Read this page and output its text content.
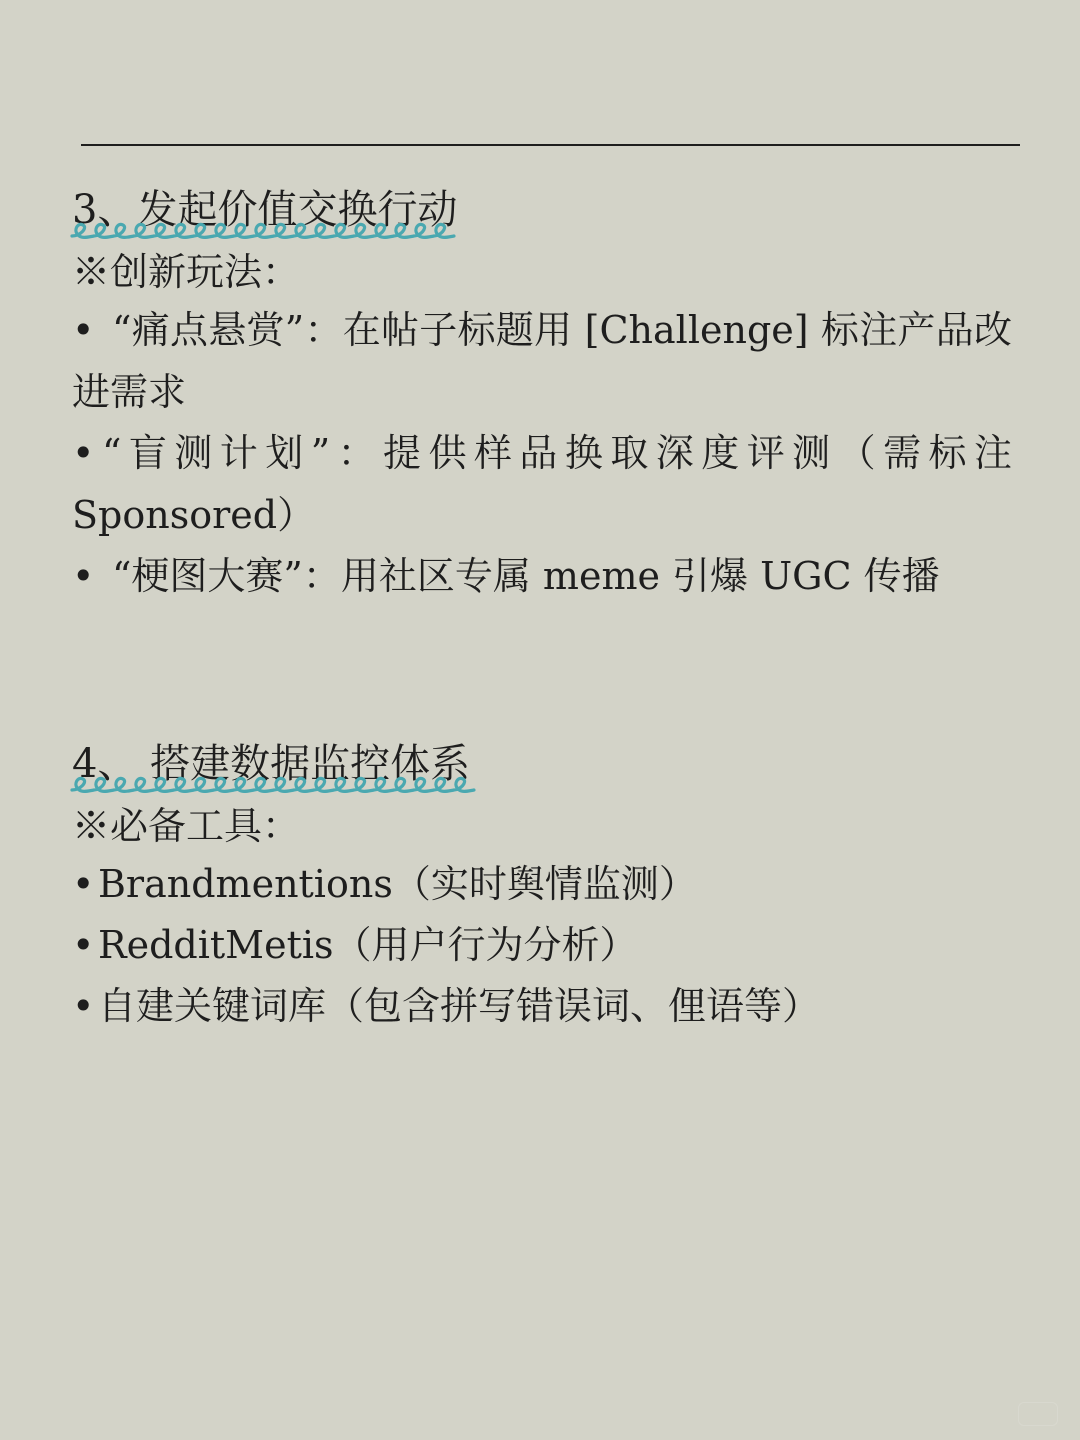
3、发起价值交换行动
※创新玩法：
• “痛点悬赏”：在帖子标题用 [Challenge] 标注产品改进需求
• “盲测计划”：提供样品换取深度评测（需标注Sponsored）
• “梗图大赛”：用社区专属 meme 引爆 UGC 传播
4、 搭建数据监控体系
※必备工具：
•Brandmentions（实时舆情监测）
•RedditMetis（用户行为分析）
•自建关键词库（包含拼写错误词、俚语等）
